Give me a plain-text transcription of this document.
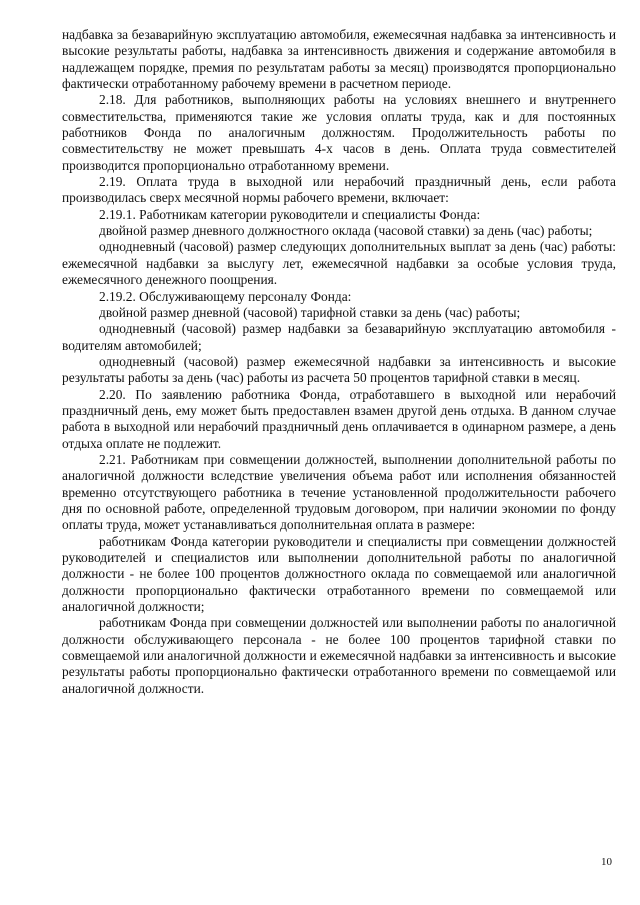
надбавка за безаварийную эксплуатацию автомобиля, ежемесячная надбавка за интенсивность и высокие результаты работы, надбавка за интенсивность движения и содержание автомобиля в надлежащем порядке, премия по результатам работы за месяц) производятся пропорционально фактически отработанному рабочему времени в расчетном периоде.

2.18. Для работников, выполняющих работы на условиях внешнего и внутреннего совместительства, применяются такие же условия оплаты труда, как и для постоянных работников Фонда по аналогичным должностям. Продолжительность работы по совместительству не может превышать 4-х часов в день. Оплата труда совместителей производится пропорционально отработанному времени.

2.19. Оплата труда в выходной или нерабочий праздничный день, если работа производилась сверх месячной нормы рабочего времени, включает:

2.19.1. Работникам категории руководители и специалисты Фонда:

двойной размер дневного должностного оклада (часовой ставки) за день (час) работы;

однодневный (часовой) размер следующих дополнительных выплат за день (час) работы: ежемесячной надбавки за выслугу лет, ежемесячной надбавки за особые условия труда, ежемесячного денежного поощрения.

2.19.2. Обслуживающему персоналу Фонда:

двойной размер дневной (часовой) тарифной ставки за день (час) работы;

однодневный (часовой) размер надбавки за безаварийную эксплуатацию автомобиля - водителям автомобилей;

однодневный (часовой) размер ежемесячной надбавки за интенсивность и высокие результаты работы за день (час) работы из расчета 50 процентов тарифной ставки в месяц.

2.20. По заявлению работника Фонда, отработавшего в выходной или нерабочий праздничный день, ему может быть предоставлен взамен другой день отдыха. В данном случае работа в выходной или нерабочий праздничный день оплачивается в одинарном размере, а день отдыха оплате не подлежит.

2.21. Работникам при совмещении должностей, выполнении дополнительной работы по аналогичной должности вследствие увеличения объема работ или исполнения обязанностей временно отсутствующего работника в течение установленной продолжительности рабочего дня по основной работе, определенной трудовым договором, при наличии экономии по фонду оплаты труда, может устанавливаться дополнительная оплата в размере:

работникам Фонда категории руководители и специалисты при совмещении должностей руководителей и специалистов или выполнении дополнительной работы по аналогичной должности - не более 100 процентов должностного оклада по совмещаемой или аналогичной должности пропорционально фактически отработанного времени по совмещаемой или аналогичной должности;

работникам Фонда при совмещении должностей или выполнении работы по аналогичной должности обслуживающего персонала - не более 100 процентов тарифной ставки по совмещаемой или аналогичной должности и ежемесячной надбавки за интенсивность и высокие результаты работы пропорционально фактически отработанного времени по совмещаемой или аналогичной должности.

10
